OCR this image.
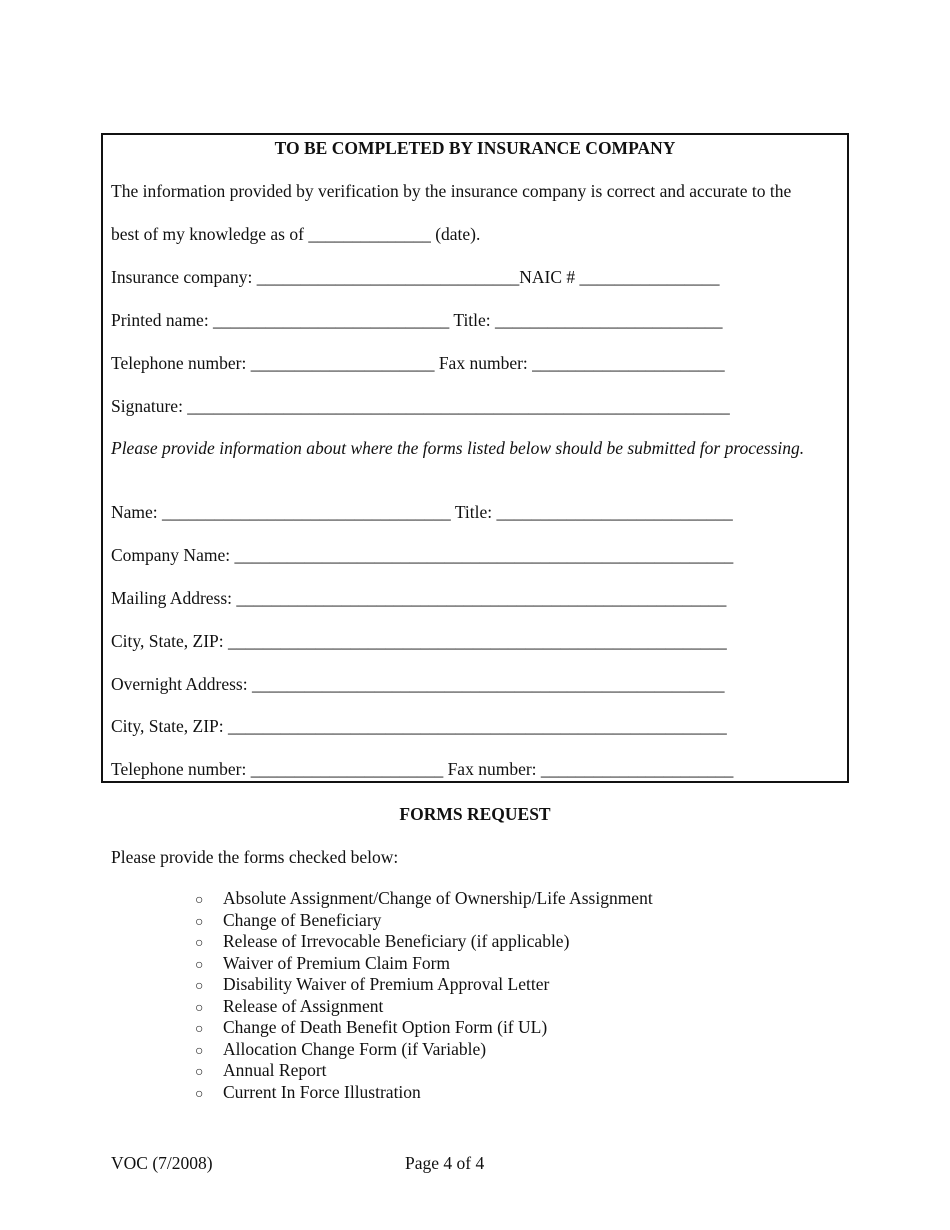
TO BE COMPLETED BY INSURANCE COMPANY
The information provided by verification by the insurance company is correct and accurate to the
best of my knowledge as of ______________ (date).
Insurance company: ______________________________NAIC # ________________
Printed name: ___________________________ Title: __________________________
Telephone number: _____________________ Fax number: ______________________
Signature: ______________________________________________________________
Please provide information about where the forms listed below should be submitted for processing.
Name: _________________________________ Title: ___________________________
Company Name: _________________________________________________________
Mailing Address: ________________________________________________________
City, State, ZIP: _________________________________________________________
Overnight Address: ______________________________________________________
City, State, ZIP: _________________________________________________________
Telephone number: ______________________ Fax number: ______________________
FORMS REQUEST
Please provide the forms checked below:
○ Absolute Assignment/Change of Ownership/Life Assignment
○ Change of Beneficiary
○ Release of Irrevocable Beneficiary (if applicable)
○ Waiver of Premium Claim Form
○ Disability Waiver of Premium Approval Letter
○ Release of Assignment
○ Change of Death Benefit Option Form (if UL)
○ Allocation Change Form (if Variable)
○ Annual Report
○ Current In Force Illustration
VOC (7/2008)	Page 4 of 4
